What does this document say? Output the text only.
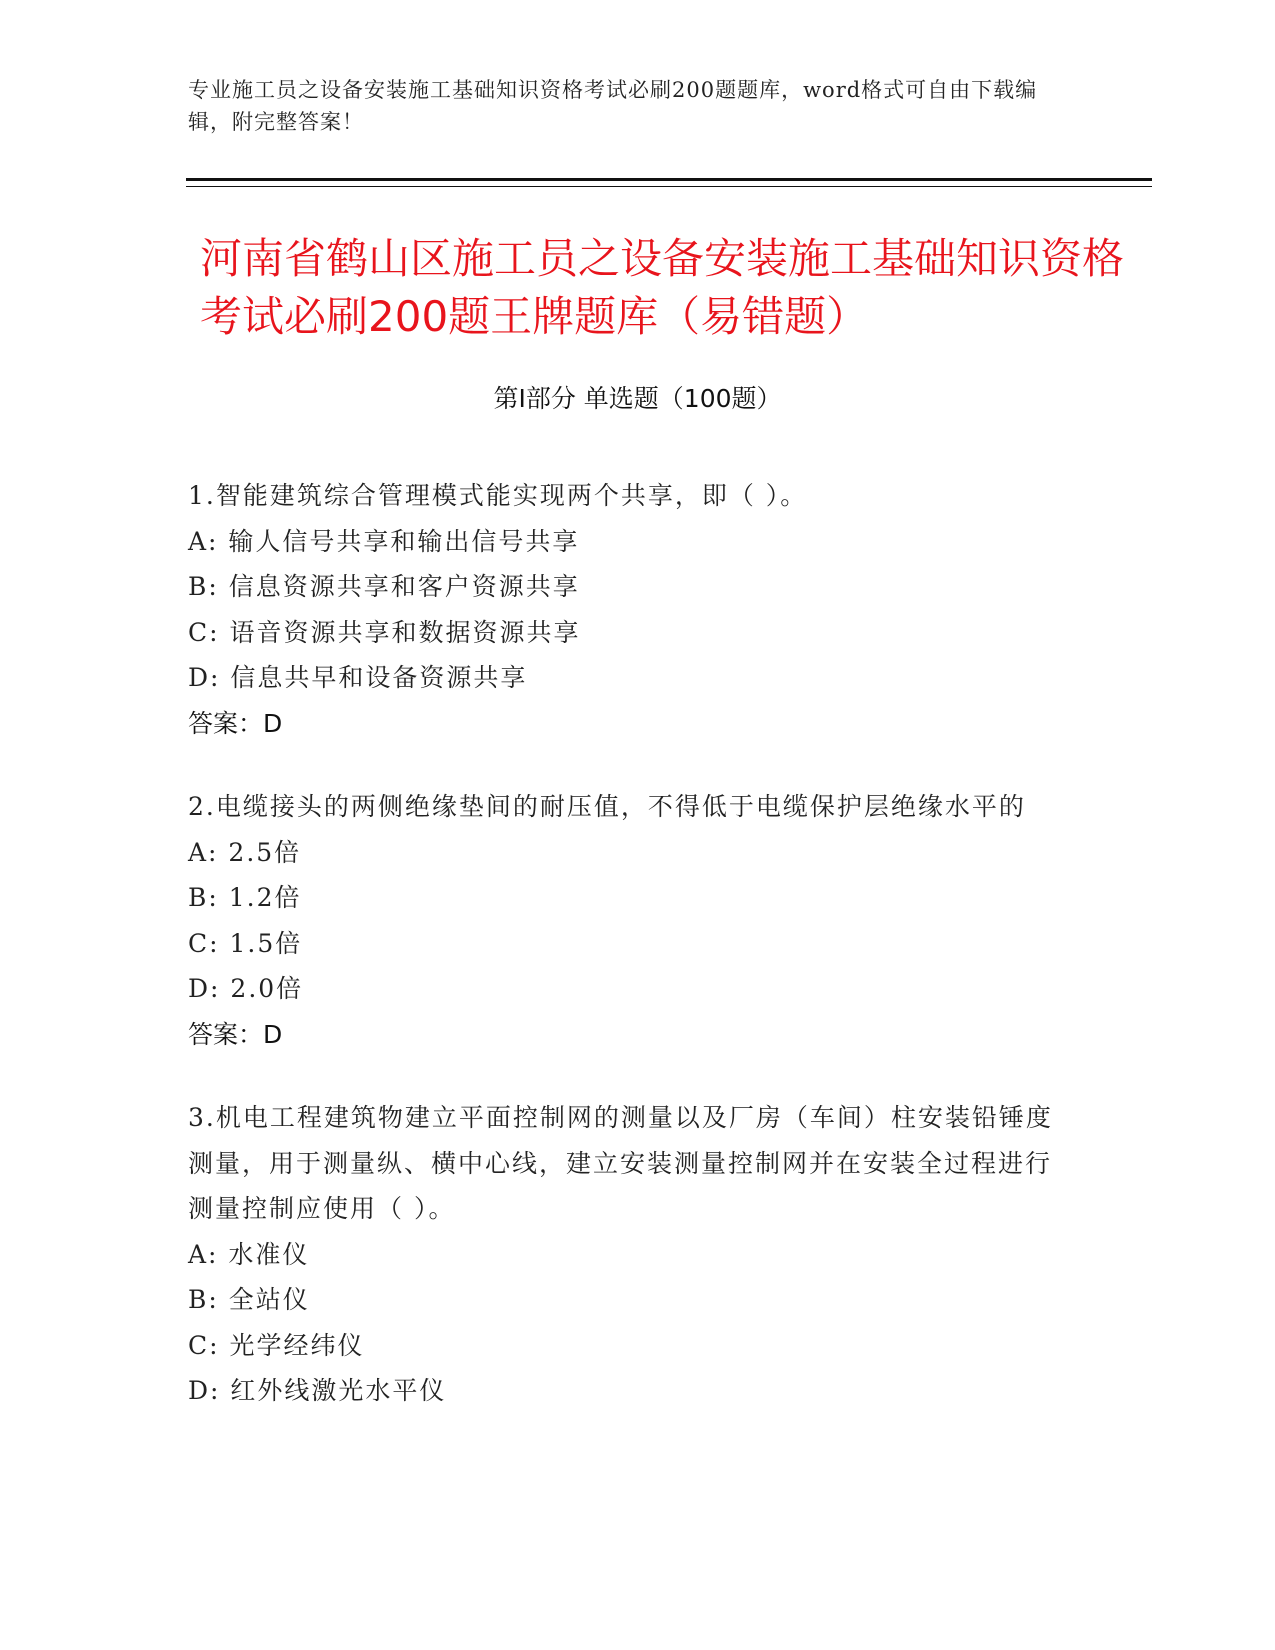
专业施工员之设备安装施工基础知识资格考试必刷200题题库，word格式可自由下载编辑，附完整答案！
河南省鹤山区施工员之设备安装施工基础知识资格考试必刷200题王牌题库（易错题）
第Ⅰ部分 单选题（100题）
1.智能建筑综合管理模式能实现两个共享，即（ ）。
A: 输人信号共享和输出信号共享
B: 信息资源共享和客户资源共享
C: 语音资源共享和数据资源共享
D: 信息共早和设备资源共享
答案：D
2.电缆接头的两侧绝缘垫间的耐压值，不得低于电缆保护层绝缘水平的
A: 2.5倍
B: 1.2倍
C: 1.5倍
D: 2.0倍
答案：D
3.机电工程建筑物建立平面控制网的测量以及厂房（车间）柱安装铅锤度测量，用于测量纵、横中心线，建立安装测量控制网并在安装全过程进行测量控制应使用（ ）。
A: 水准仪
B: 全站仪
C: 光学经纬仪
D: 红外线激光水平仪
